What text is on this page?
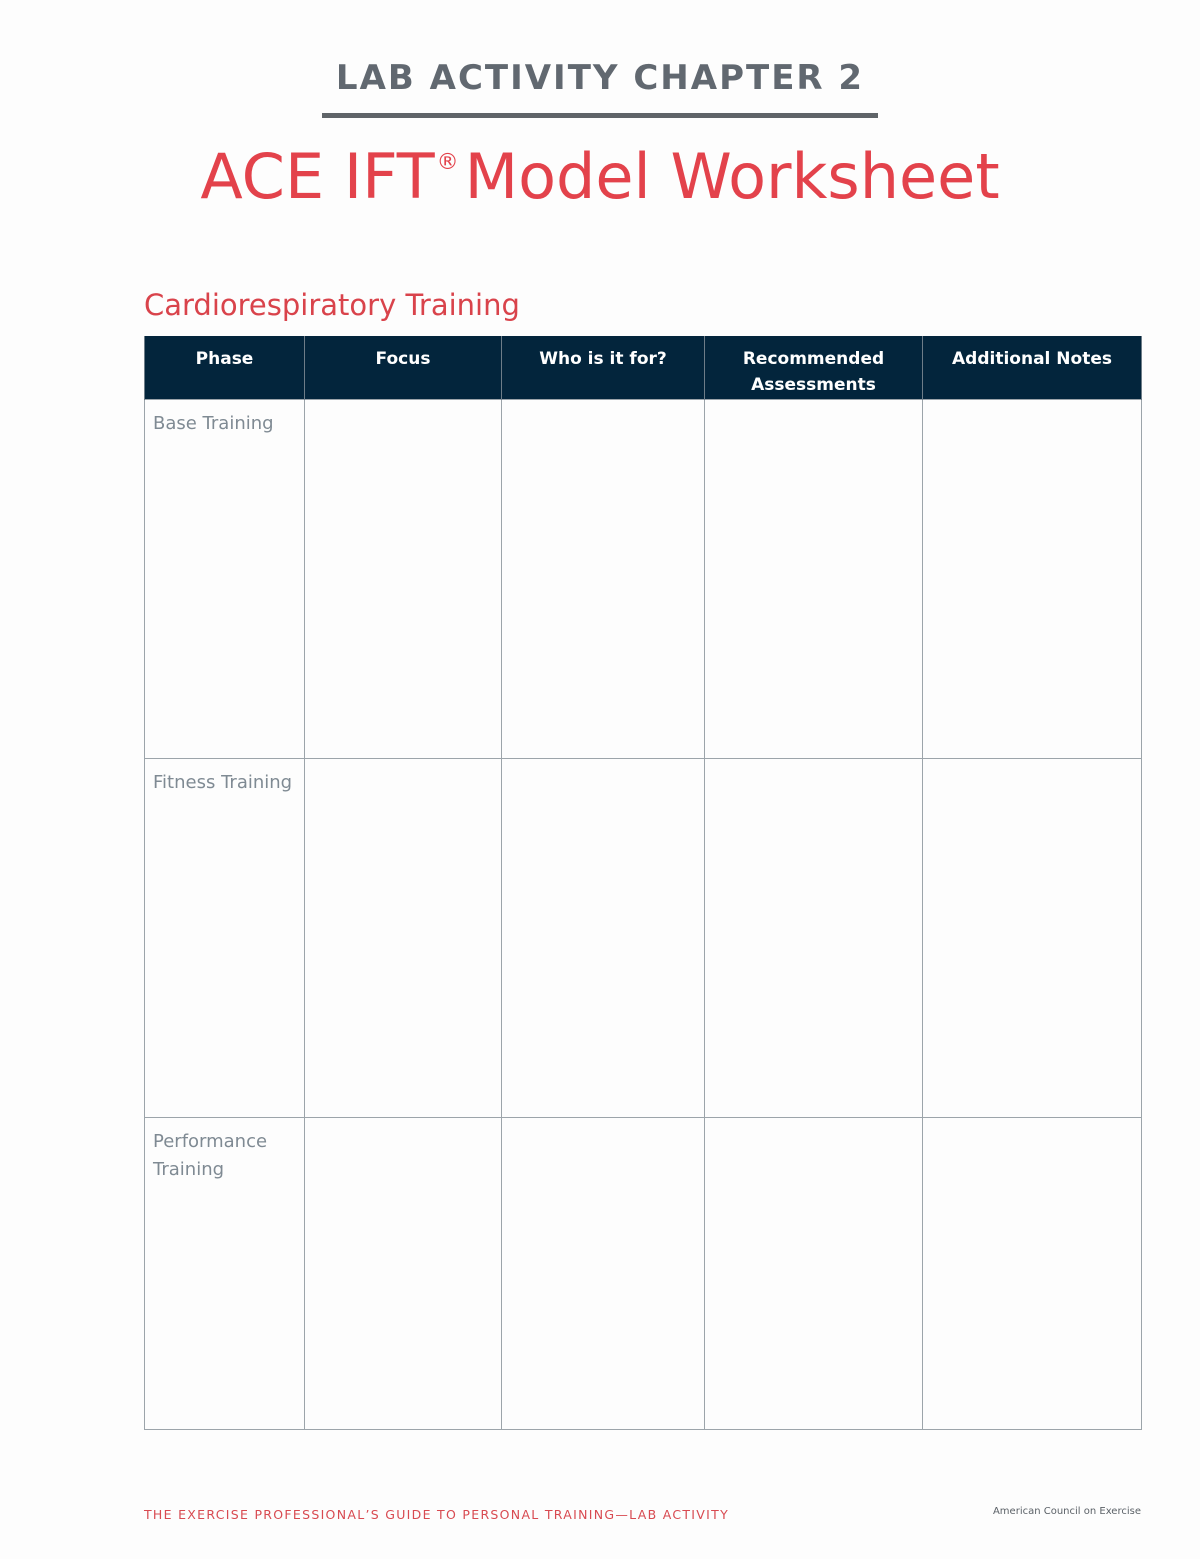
LAB ACTIVITY CHAPTER 2
ACE IFT®Model Worksheet
Cardiorespiratory Training
Phase	Focus	Who is it for?	Recommended Assessments	Additional Notes
Base Training				
Fitness Training				
Performance Training				
THE EXERCISE PROFESSIONAL’S GUIDE TO PERSONAL TRAINING—LAB ACTIVITY	American Council on Exercise
